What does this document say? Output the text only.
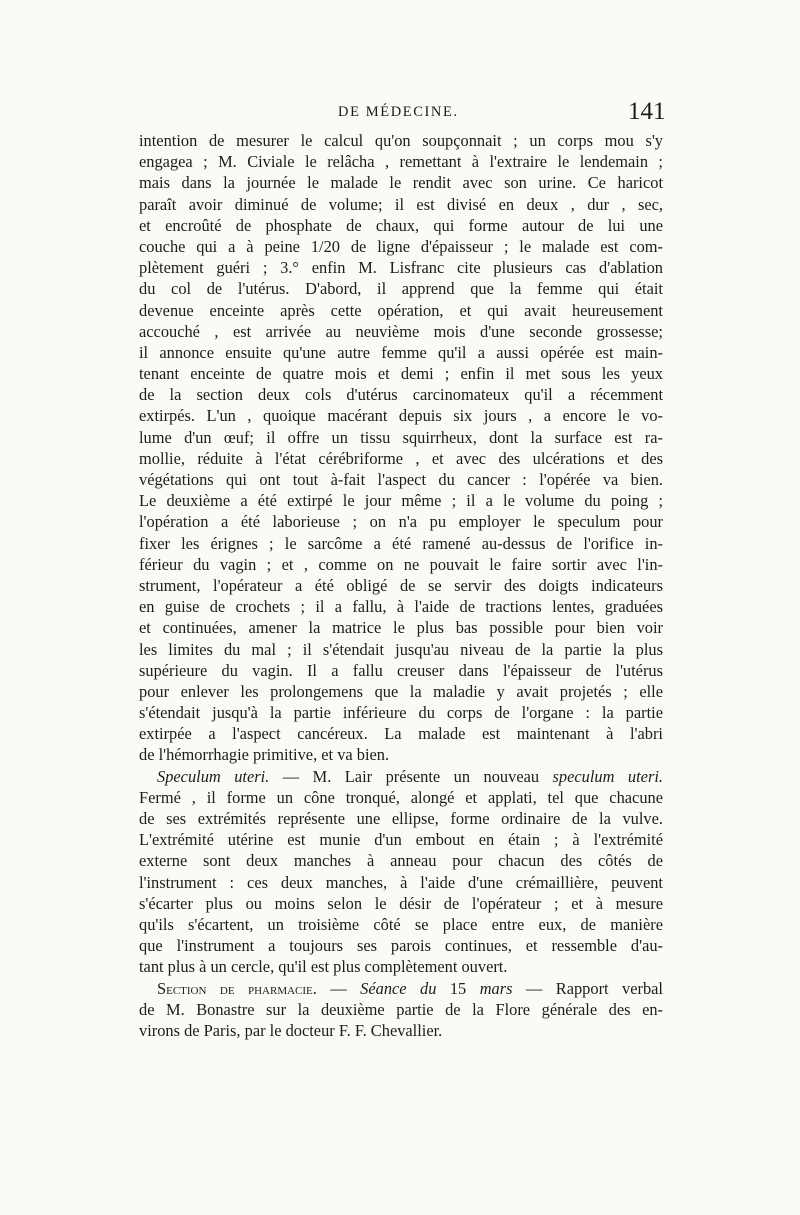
DE MÉDECINE.	141
intention de mesurer le calcul qu'on soupçonnait ; un corps mou s'y
engagea ; M. Civiale le relâcha , remettant à l'extraire le lendemain ;
mais dans la journée le malade le rendit avec son urine. Ce haricot
paraît avoir diminué de volume; il est divisé en deux , dur , sec,
et encroûté de phosphate de chaux, qui forme autour de lui une
couche qui a à peine 1/20 de ligne d'épaisseur ; le malade est com-
plètement guéri ; 3.° enfin M. Lisfranc cite plusieurs cas d'ablation
du col de l'utérus. D'abord, il apprend que la femme qui était
devenue enceinte après cette opération, et qui avait heureusement
accouché , est arrivée au neuvième mois d'une seconde grossesse;
il annonce ensuite qu'une autre femme qu'il a aussi opérée est main-
tenant enceinte de quatre mois et demi ; enfin il met sous les yeux
de la section deux cols d'utérus carcinomateux qu'il a récemment
extirpés. L'un , quoique macérant depuis six jours , a encore le vo-
lume d'un œuf; il offre un tissu squirrheux, dont la surface est ra-
mollie, réduite à l'état cérébriforme , et avec des ulcérations et des
végétations qui ont tout à-fait l'aspect du cancer : l'opérée va bien.
Le deuxième a été extirpé le jour même ; il a le volume du poing ;
l'opération a été laborieuse ; on n'a pu employer le speculum pour
fixer les érignes ; le sarcôme a été ramené au-dessus de l'orifice in-
férieur du vagin ; et , comme on ne pouvait le faire sortir avec l'in-
strument, l'opérateur a été obligé de se servir des doigts indicateurs
en guise de crochets ; il a fallu, à l'aide de tractions lentes, graduées
et continuées, amener la matrice le plus bas possible pour bien voir
les limites du mal ; il s'étendait jusqu'au niveau de la partie la plus
supérieure du vagin. Il a fallu creuser dans l'épaisseur de l'utérus
pour enlever les prolongemens que la maladie y avait projetés ; elle
s'étendait jusqu'à la partie inférieure du corps de l'organe : la partie
extirpée a l'aspect cancéreux. La malade est maintenant à l'abri
de l'hémorrhagie primitive, et va bien.
Speculum uteri. — M. Lair présente un nouveau speculum uteri.
Fermé , il forme un cône tronqué, alongé et applati, tel que chacune
de ses extrémités représente une ellipse, forme ordinaire de la vulve.
L'extrémité utérine est munie d'un embout en étain ; à l'extrémité
externe sont deux manches à anneau pour chacun des côtés de
l'instrument : ces deux manches, à l'aide d'une crémaillière, peuvent
s'écarter plus ou moins selon le désir de l'opérateur ; et à mesure
qu'ils s'écartent, un troisième côté se place entre eux, de manière
que l'instrument a toujours ses parois continues, et ressemble d'au-
tant plus à un cercle, qu'il est plus complètement ouvert.
Section de pharmacie. — Séance du 15 mars — Rapport verbal
de M. Bonastre sur la deuxième partie de la Flore générale des en-
virons de Paris, par le docteur F. F. Chevallier.
